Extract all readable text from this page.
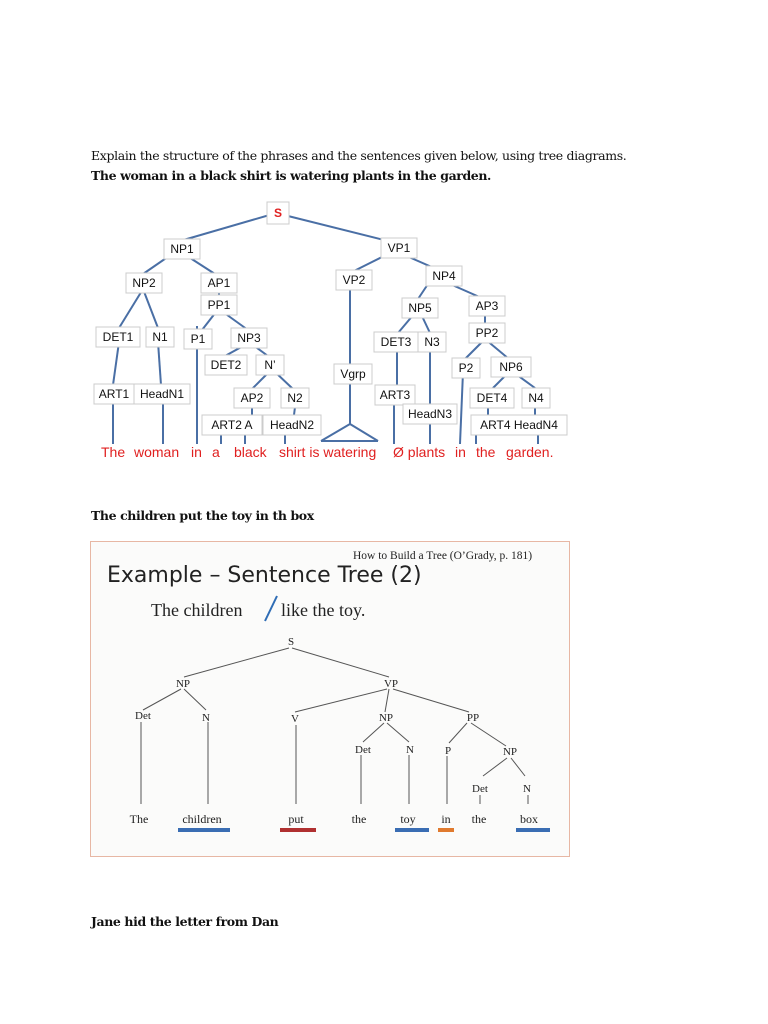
Explain the structure of the phrases and the sentences given below, using tree diagrams.

The woman in a black shirt is watering plants in the garden.

S
NP1	VP1
NP2	AP1	VP2	NP4
PP1	NP5	AP3
DET1 N1 P1	NP3	DET3 N3
PP2
DET2 N’	P2 NP6
Vgrp
ART1 HeadN1	AP2 N2	ART3	DET4 N4
HeadN3
ART2 A HeadN2	ART4 HeadN4
The woman in a black shirt is watering Ø plants in the garden.

The children put the toy in th box

How to Build a Tree (O’Grady, p. 181)
Example – Sentence Tree (2)
The children like the toy.
S
NP	VP
Det	N	V	NP	PP
Det	N	P	NP
Det	N
The	children	put	the	toy in the	box

Jane hid the letter from Dan
